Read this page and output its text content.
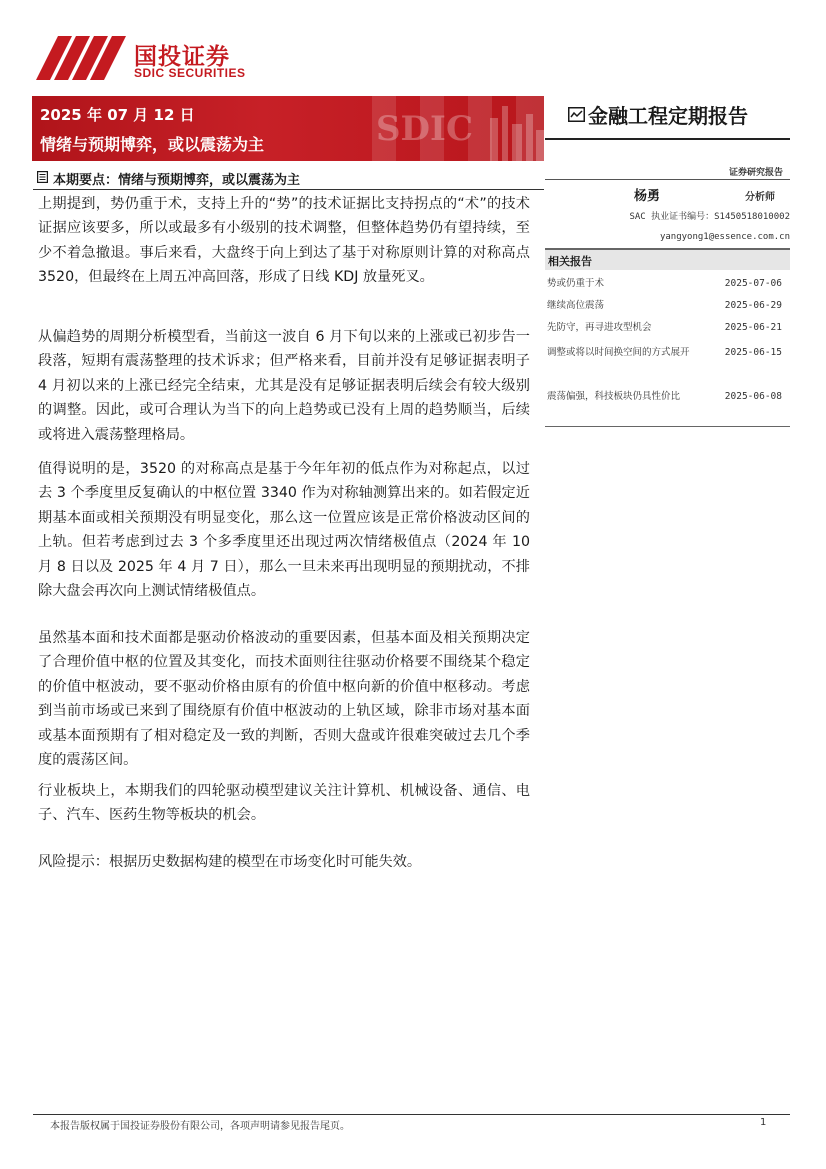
国投证券
SDIC SECURITIES
SDIC
2025 年 07 月 12 日
情绪与预期博弈，或以震荡为主
金融工程定期报告
证券研究报告
杨勇	分析师
SAC 执业证书编号：S1450518010002
yangyong1@essence.com.cn
相关报告
势或仍重于术	2025-07-06
继续高位震荡	2025-06-29
先防守，再寻进攻型机会	2025-06-21
调整或将以时间换空间的方式展开	2025-06-15
震荡偏强，科技板块仍具性价比	2025-06-08
本期要点：情绪与预期博弈，或以震荡为主
上期提到，势仍重于术，支持上升的“势”的技术证据比支持拐点的“术”的技术证据应该要多，所以或最多有小级别的技术调整，但整体趋势仍有望持续，至少不着急撤退。事后来看，大盘终于向上到达了基于对称原则计算的对称高点 3520，但最终在上周五冲高回落，形成了日线 KDJ 放量死叉。
从偏趋势的周期分析模型看，当前这一波自 6 月下旬以来的上涨或已初步告一段落，短期有震荡整理的技术诉求；但严格来看，目前并没有足够证据表明子 4 月初以来的上涨已经完全结束，尤其是没有足够证据表明后续会有较大级别的调整。因此，或可合理认为当下的向上趋势或已没有上周的趋势顺当，后续或将进入震荡整理格局。
值得说明的是，3520 的对称高点是基于今年年初的低点作为对称起点，以过去 3 个季度里反复确认的中枢位置 3340 作为对称轴测算出来的。如若假定近期基本面或相关预期没有明显变化，那么这一位置应该是正常价格波动区间的上轨。但若考虑到过去 3 个多季度里还出现过两次情绪极值点（2024 年 10 月 8 日以及 2025 年 4 月 7 日），那么一旦未来再出现明显的预期扰动，不排除大盘会再次向上测试情绪极值点。
虽然基本面和技术面都是驱动价格波动的重要因素，但基本面及相关预期决定了合理价值中枢的位置及其变化，而技术面则往往驱动价格要不围绕某个稳定的价值中枢波动，要不驱动价格由原有的价值中枢向新的价值中枢移动。考虑到当前市场或已来到了围绕原有价值中枢波动的上轨区域，除非市场对基本面或基本面预期有了相对稳定及一致的判断，否则大盘或许很难突破过去几个季度的震荡区间。
行业板块上，本期我们的四轮驱动模型建议关注计算机、机械设备、通信、电子、汽车、医药生物等板块的机会。
风险提示：根据历史数据构建的模型在市场变化时可能失效。
本报告版权属于国投证券股份有限公司，各项声明请参见报告尾页。	1
